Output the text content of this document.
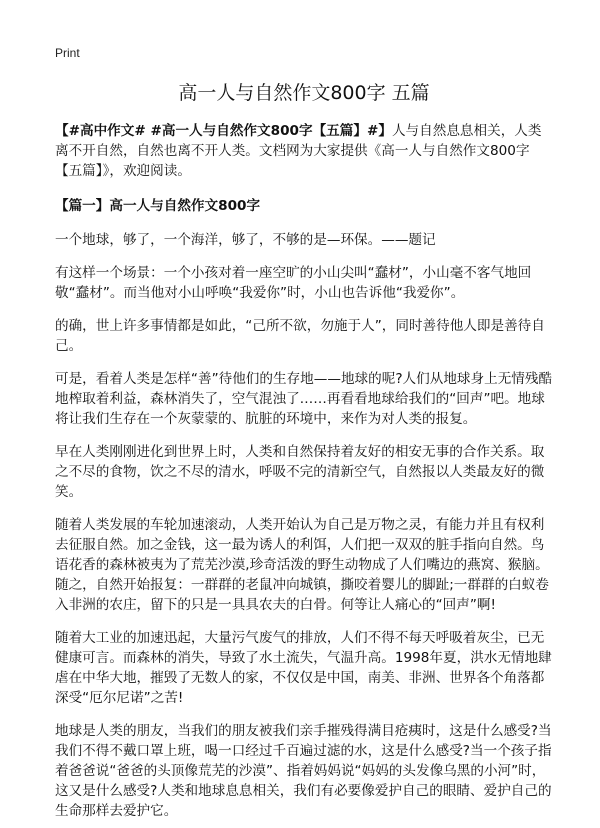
Print
高一人与自然作文800字 五篇

【#高中作文# #高一人与自然作文800字【五篇】#】人与自然息息相关，人类离不开自然，自然也离不开人类。文档网为大家提供《高一人与自然作文800字【五篇】》，欢迎阅读。

【篇一】高一人与自然作文800字

一个地球，够了，一个海洋，够了，不够的是—环保。——题记

有这样一个场景：一个小孩对着一座空旷的小山尖叫“蠢材”，小山毫不客气地回敬“蠢材”。而当他对小山呼唤“我爱你”时，小山也告诉他“我爱你”。

的确，世上许多事情都是如此，“己所不欲，勿施于人”，同时善待他人即是善待自己。

可是，看着人类是怎样“善”待他们的生存地——地球的呢?人们从地球身上无情残酷地榨取着利益，森林消失了，空气混浊了……再看看地球给我们的“回声”吧。地球将让我们生存在一个灰蒙蒙的、肮脏的环境中，来作为对人类的报复。

早在人类刚刚进化到世界上时，人类和自然保持着友好的相安无事的合作关系。取之不尽的食物，饮之不尽的清水，呼吸不完的清新空气，自然报以人类最友好的微笑。

随着人类发展的车轮加速滚动，人类开始认为自己是万物之灵，有能力并且有权利去征服自然。加之金钱，这一最为诱人的利饵，人们把一双双的脏手指向自然。鸟语花香的森林被夷为了荒芜沙漠,珍奇活泼的野生动物成了人们嘴边的燕窝、猴脑。随之，自然开始报复：一群群的老鼠冲向城镇，撕咬着婴儿的脚趾;一群群的白蚁卷入非洲的农庄，留下的只是一具具农夫的白骨。何等让人痛心的“回声”啊!

随着大工业的加速迅起，大量污气废气的排放，人们不得不每天呼吸着灰尘，已无健康可言。而森林的消失，导致了水土流失，气温升高。1998年夏，洪水无情地肆虐在中华大地，摧毁了无数人的家，不仅仅是中国，南美、非洲、世界各个角落都深受“厄尔尼诺”之苦!

地球是人类的朋友，当我们的朋友被我们亲手摧残得满目疮痍时，这是什么感受?当我们不得不戴口罩上班，喝一口经过千百遍过滤的水，这是什么感受?当一个孩子指着爸爸说“爸爸的头顶像荒芜的沙漠”、指着妈妈说“妈妈的头发像乌黑的小河”时，这又是什么感受?人类和地球息息相关，我们有必要像爱护自己的眼睛、爱护自己的生命那样去爱护它。
